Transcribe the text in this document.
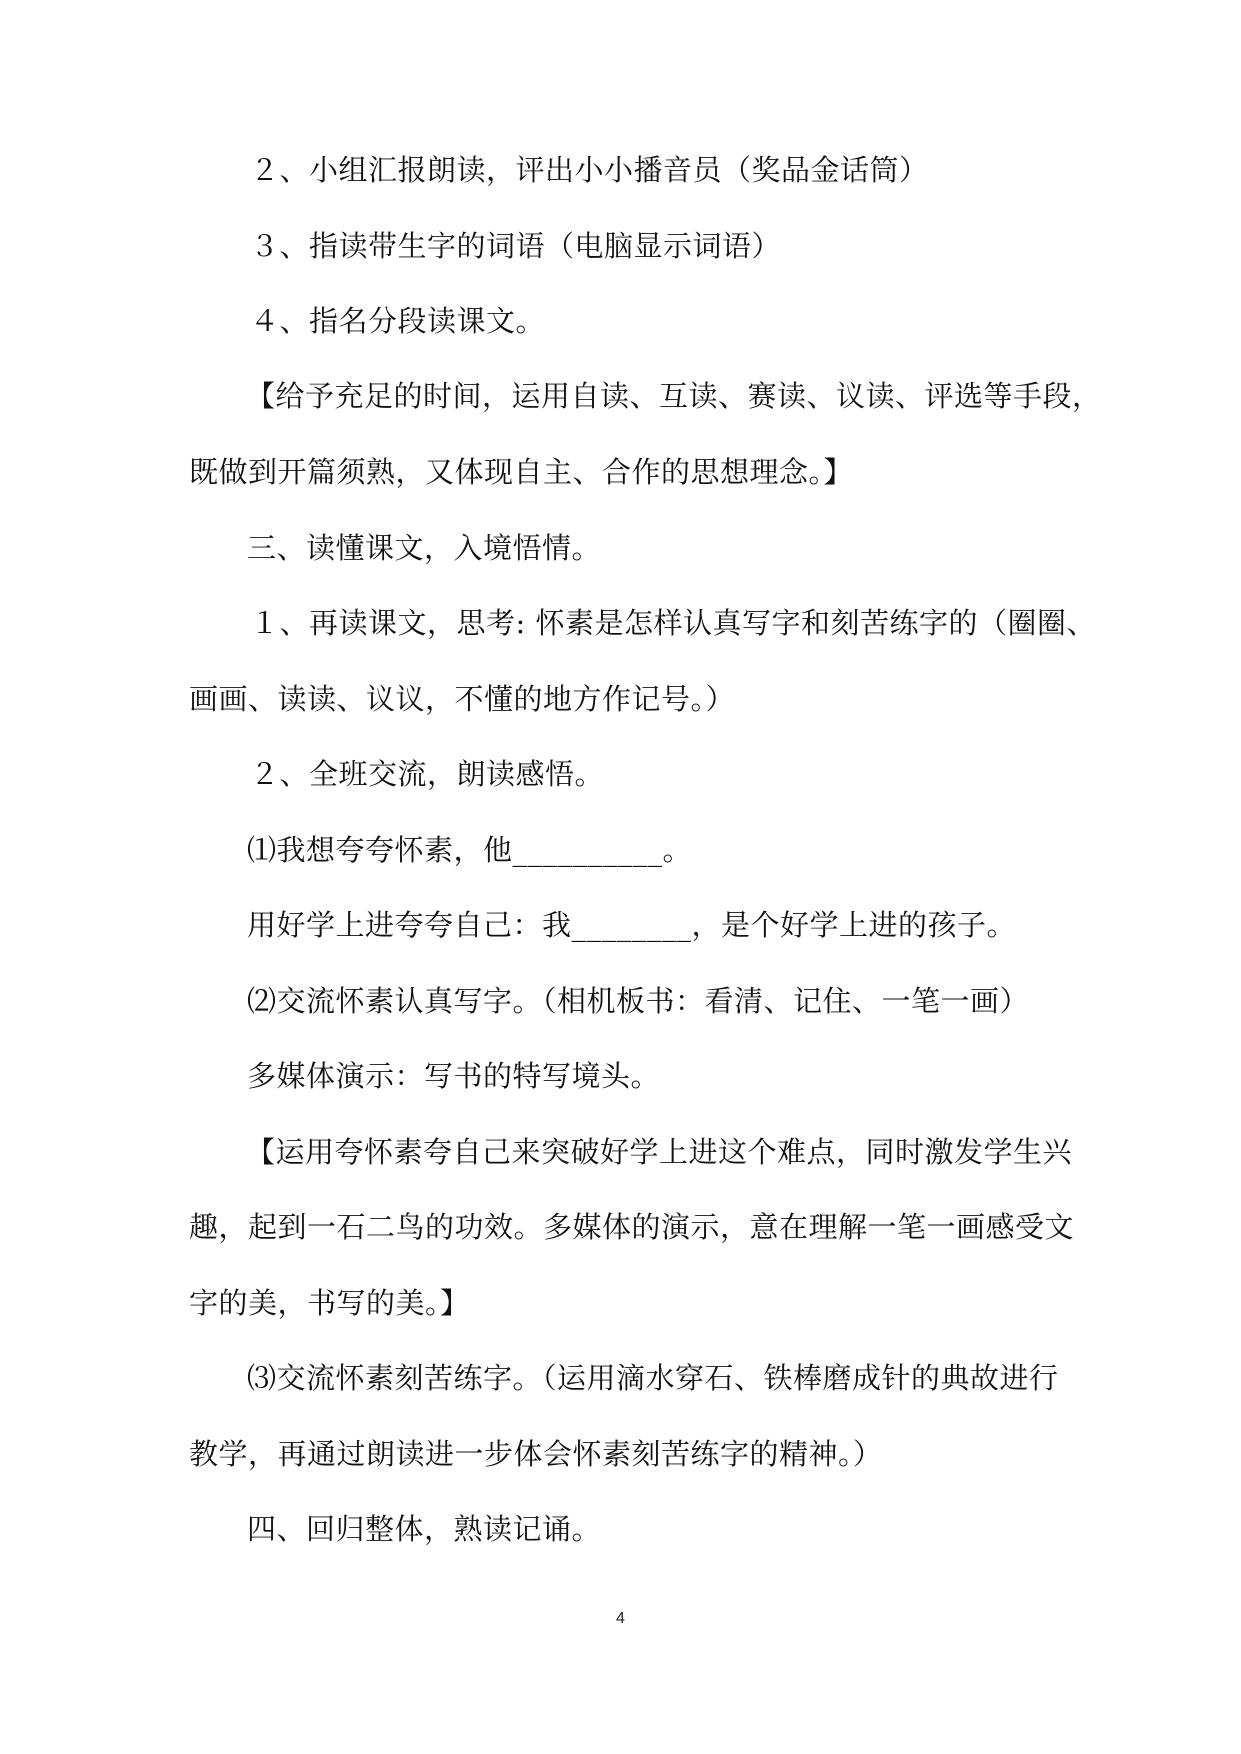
２、小组汇报朗读，评出小小播音员（奖品金话筒）
３、指读带生字的词语（电脑显示词语）
４、指名分段读课文。
【给予充足的时间，运用自读、互读、赛读、议读、评选等手段，
既做到开篇须熟，又体现自主、合作的思想理念。】
三、读懂课文，入境悟情。
１、再读课文，思考: 怀素是怎样认真写字和刻苦练字的（圈圈、
画画、读读、议议，不懂的地方作记号。）
２、全班交流，朗读感悟。
⑴我想夸夸怀素，他__________。
用好学上进夸夸自己：我________，是个好学上进的孩子。
⑵交流怀素认真写字。（相机板书：看清、记住、一笔一画）
多媒体演示：写书的特写境头。
【运用夸怀素夸自己来突破好学上进这个难点，同时激发学生兴
趣，起到一石二鸟的功效。多媒体的演示，意在理解一笔一画感受文
字的美，书写的美。】
⑶交流怀素刻苦练字。（运用滴水穿石、铁棒磨成针的典故进行
教学，再通过朗读进一步体会怀素刻苦练字的精神。）
四、回归整体，熟读记诵。
4
